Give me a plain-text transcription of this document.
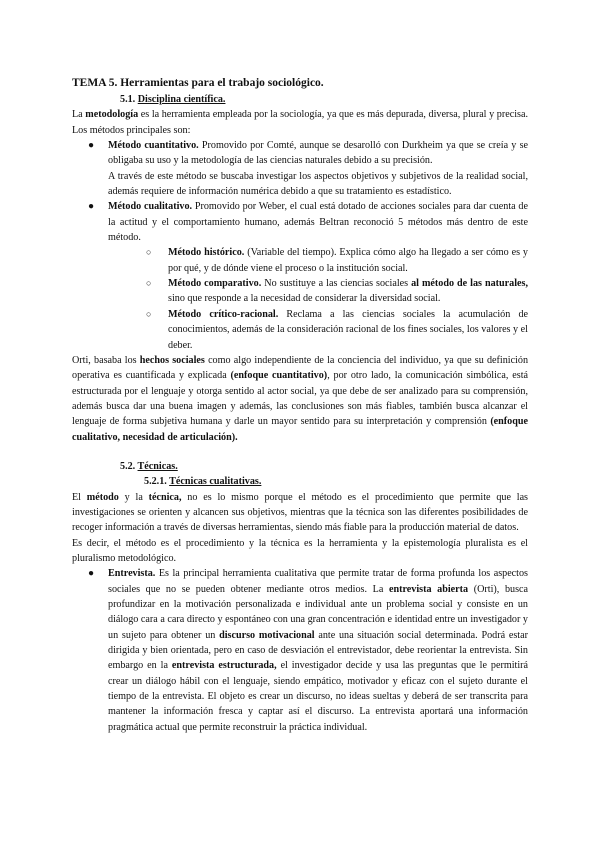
TEMA 5. Herramientas para el trabajo sociológico.

5.1. Disciplina científica.

La metodología es la herramienta empleada por la sociología, ya que es más depurada, diversa, plural y precisa. Los métodos principales son:

● Método cuantitativo. Promovido por Comté, aunque se desarolló con Durkheim ya que se creía y se obligaba su uso y la metodología de las ciencias naturales debido a su precisión.

A través de este método se buscaba investigar los aspectos objetivos y subjetivos de la realidad social, además requiere de información numérica debido a que su tratamiento es estadístico.

● Método cualitativo. Promovido por Weber, el cual está dotado de acciones sociales para dar cuenta de la actitud y el comportamiento humano, además Beltran reconoció 5 métodos más dentro de este método.

○ Método histórico. (Variable del tiempo). Explica cómo algo ha llegado a ser cómo es y por qué, y de dónde viene el proceso o la institución social.

○ Método comparativo. No sustituye a las ciencias sociales al método de las naturales, sino que responde a la necesidad de considerar la diversidad social.

○ Método crítico-racional. Reclama a las ciencias sociales la acumulación de conocimientos, además de la consideración racional de los fines sociales, los valores y el deber.

Orti, basaba los hechos sociales como algo independiente de la conciencia del individuo, ya que su definición operativa es cuantificada y explicada (enfoque cuantitativo), por otro lado, la comunicación simbólica, está estructurada por el lenguaje y otorga sentido al actor social, ya que debe de ser analizado para su comprensión, además busca dar una buena imagen y además, las conclusiones son más fiables, también busca alcanzar el lenguaje de forma subjetiva humana y darle un mayor sentido para su interpretación y comprensión (enfoque cualitativo, necesidad de articulación).

5.2. Técnicas.

5.2.1. Técnicas cualitativas.

El método y la técnica, no es lo mismo porque el método es el procedimiento que permite que las investigaciones se orienten y alcancen sus objetivos, mientras que la técnica son las diferentes posibilidades de recoger información a través de diversas herramientas, siendo más fiable para la producción material de datos.

Es decir, el método es el procedimiento y la técnica es la herramienta y la epistemología pluralista es el pluralismo metodológico.

● Entrevista. Es la principal herramienta cualitativa que permite tratar de forma profunda los aspectos sociales que no se pueden obtener mediante otros medios. La entrevista abierta (Orti), busca profundizar en la motivación personalizada e individual ante un problema social y consiste en un diálogo cara a cara directo y espontáneo con una gran concentración e identidad entre un investigador y un sujeto para obtener un discurso motivacional ante una situación social determinada. Podrá estar dirigida y bien orientada, pero en caso de desviación el entrevistador, debe reorientar la entrevista. Sin embargo en la entrevista estructurada, el investigador decide y usa las preguntas que le permitirá crear un diálogo hábil con el lenguaje, siendo empático, motivador y eficaz con el sujeto durante el tiempo de la entrevista. El objeto es crear un discurso, no ideas sueltas y deberá de ser transcrita para mantener la información fresca y captar así el discurso. La entrevista aportará una información pragmática actual que permite reconstruir la práctica individual.
